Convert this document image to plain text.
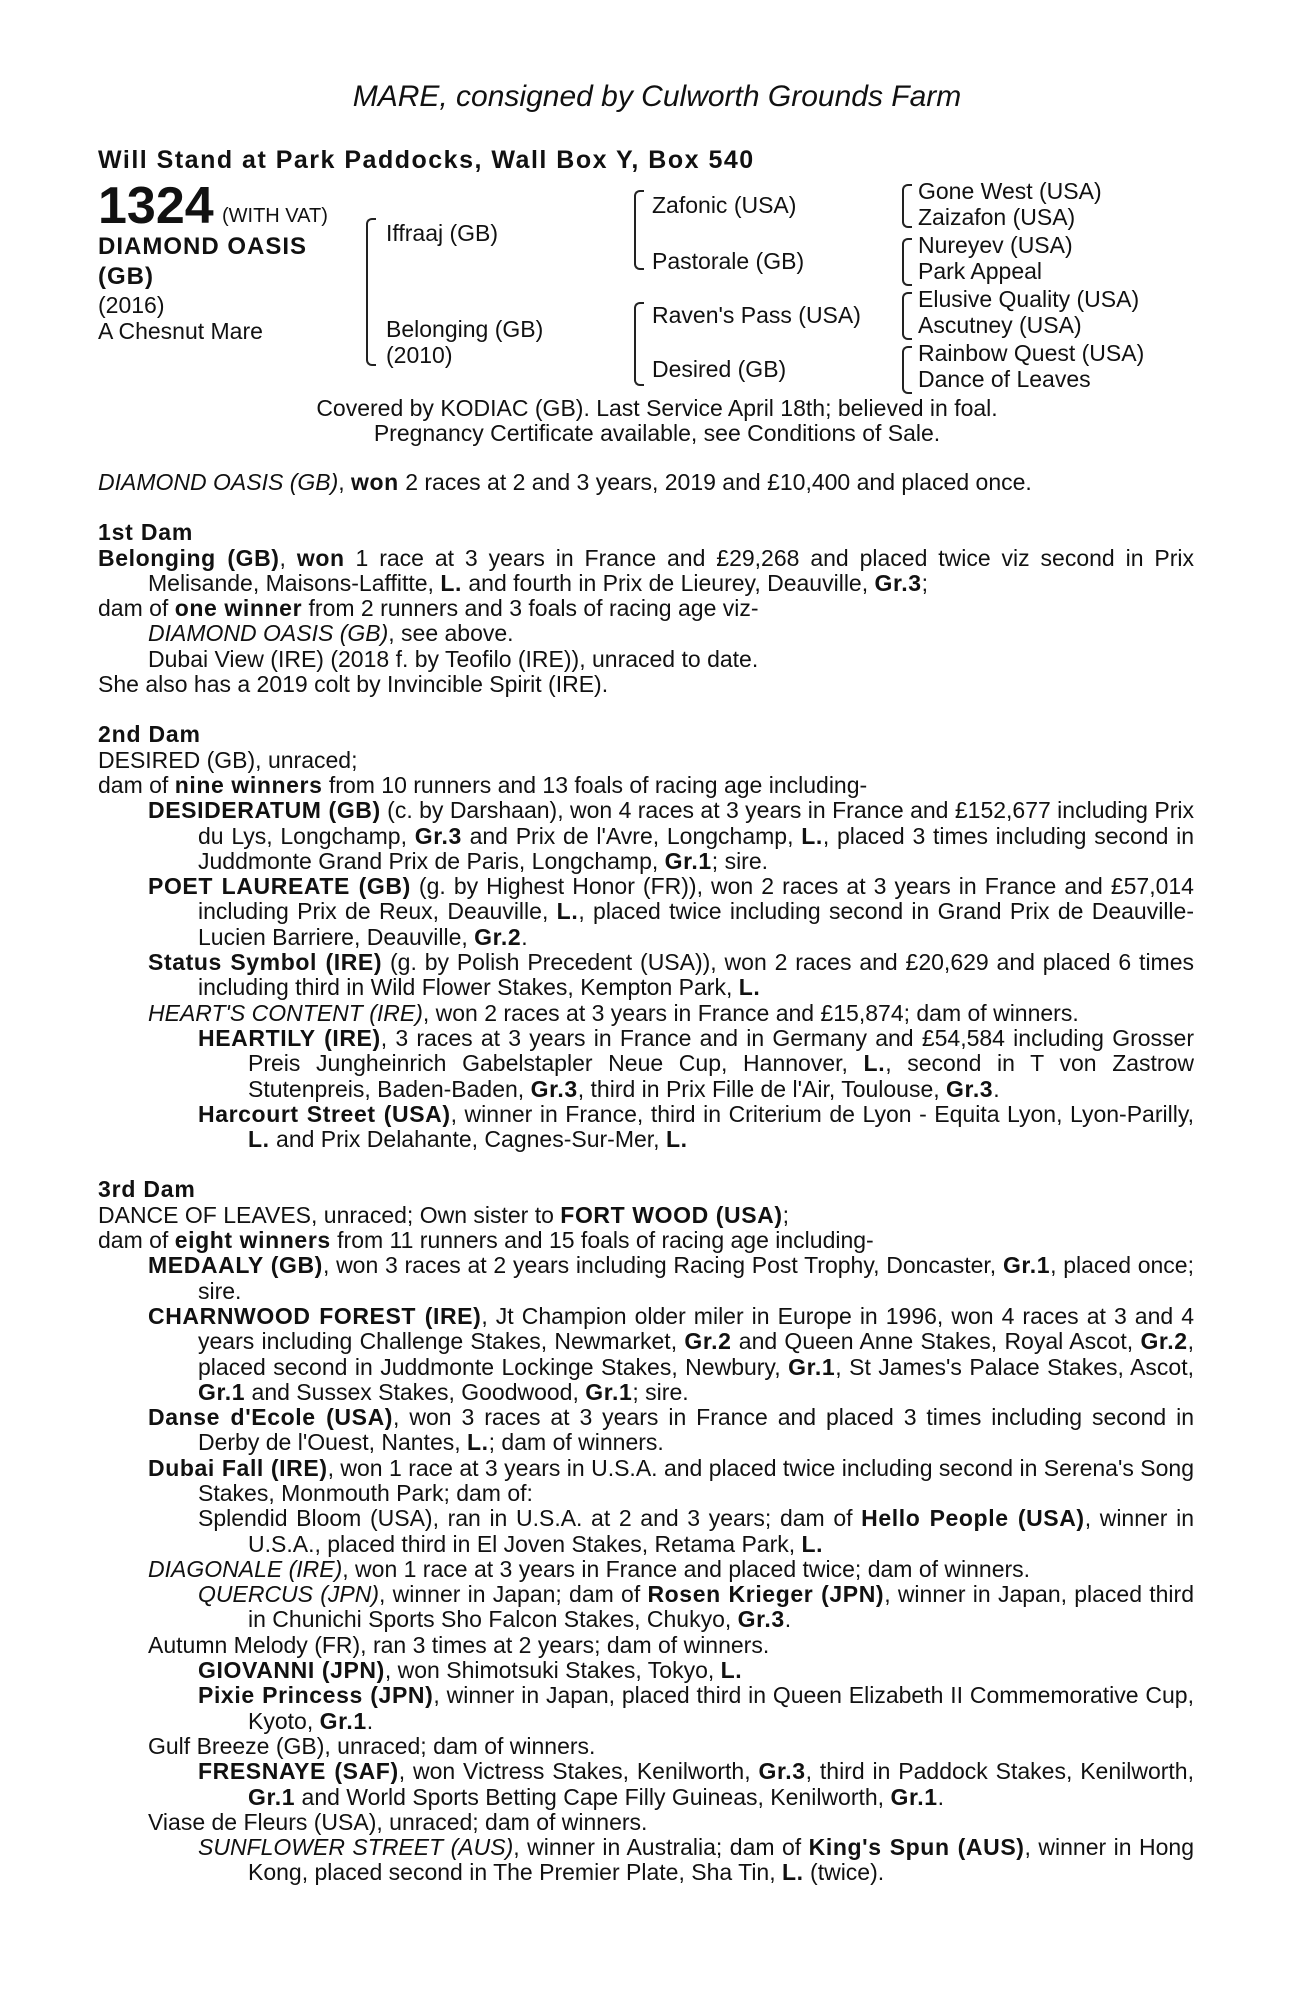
MARE, consigned by Culworth Grounds Farm
Will Stand at Park Paddocks, Wall Box Y, Box 540
1324 (WITH VAT)
DIAMOND OASIS
(GB)
(2016)
A Chesnut Mare
Iffraaj (GB)
Belonging (GB)
(2010)
Zafonic (USA)
Pastorale (GB)
Raven's Pass (USA)
Desired (GB)
Gone West (USA)
Zaizafon (USA)
Nureyev (USA)
Park Appeal
Elusive Quality (USA)
Ascutney (USA)
Rainbow Quest (USA)
Dance of Leaves
Covered by KODIAC (GB). Last Service April 18th; believed in foal.
Pregnancy Certificate available, see Conditions of Sale.

DIAMOND OASIS (GB), won 2 races at 2 and 3 years, 2019 and £10,400 and placed once.

1st Dam

Belonging (GB), won 1 race at 3 years in France and £29,268 and placed twice viz second in Prix Melisande, Maisons-Laffitte, L. and fourth in Prix de Lieurey, Deauville, Gr.3;

dam of one winner from 2 runners and 3 foals of racing age viz-

DIAMOND OASIS (GB), see above.

Dubai View (IRE) (2018 f. by Teofilo (IRE)), unraced to date.

She also has a 2019 colt by Invincible Spirit (IRE).

2nd Dam

DESIRED (GB), unraced;

dam of nine winners from 10 runners and 13 foals of racing age including-

DESIDERATUM (GB) (c. by Darshaan), won 4 races at 3 years in France and £152,677 including Prix du Lys, Longchamp, Gr.3 and Prix de l'Avre, Longchamp, L., placed 3 times including second in Juddmonte Grand Prix de Paris, Longchamp, Gr.1; sire.

POET LAUREATE (GB) (g. by Highest Honor (FR)), won 2 races at 3 years in France and £57,014 including Prix de Reux, Deauville, L., placed twice including second in Grand Prix de Deauville-Lucien Barriere, Deauville, Gr.2.

Status Symbol (IRE) (g. by Polish Precedent (USA)), won 2 races and £20,629 and placed 6 times including third in Wild Flower Stakes, Kempton Park, L.

HEART'S CONTENT (IRE), won 2 races at 3 years in France and £15,874; dam of winners.

HEARTILY (IRE), 3 races at 3 years in France and in Germany and £54,584 including Grosser Preis Jungheinrich Gabelstapler Neue Cup, Hannover, L., second in T von Zastrow Stutenpreis, Baden-Baden, Gr.3, third in Prix Fille de l'Air, Toulouse, Gr.3.

Harcourt Street (USA), winner in France, third in Criterium de Lyon - Equita Lyon, Lyon-Parilly, L. and Prix Delahante, Cagnes-Sur-Mer, L.

3rd Dam

DANCE OF LEAVES, unraced; Own sister to FORT WOOD (USA);

dam of eight winners from 11 runners and 15 foals of racing age including-

MEDAALY (GB), won 3 races at 2 years including Racing Post Trophy, Doncaster, Gr.1, placed once; sire.

CHARNWOOD FOREST (IRE), Jt Champion older miler in Europe in 1996, won 4 races at 3 and 4 years including Challenge Stakes, Newmarket, Gr.2 and Queen Anne Stakes, Royal Ascot, Gr.2, placed second in Juddmonte Lockinge Stakes, Newbury, Gr.1, St James's Palace Stakes, Ascot, Gr.1 and Sussex Stakes, Goodwood, Gr.1; sire.

Danse d'Ecole (USA), won 3 races at 3 years in France and placed 3 times including second in Derby de l'Ouest, Nantes, L.; dam of winners.

Dubai Fall (IRE), won 1 race at 3 years in U.S.A. and placed twice including second in Serena's Song Stakes, Monmouth Park; dam of:

Splendid Bloom (USA), ran in U.S.A. at 2 and 3 years; dam of Hello People (USA), winner in U.S.A., placed third in El Joven Stakes, Retama Park, L.

DIAGONALE (IRE), won 1 race at 3 years in France and placed twice; dam of winners.

QUERCUS (JPN), winner in Japan; dam of Rosen Krieger (JPN), winner in Japan, placed third in Chunichi Sports Sho Falcon Stakes, Chukyo, Gr.3.

Autumn Melody (FR), ran 3 times at 2 years; dam of winners.

GIOVANNI (JPN), won Shimotsuki Stakes, Tokyo, L.

Pixie Princess (JPN), winner in Japan, placed third in Queen Elizabeth II Commemorative Cup, Kyoto, Gr.1.

Gulf Breeze (GB), unraced; dam of winners.

FRESNAYE (SAF), won Victress Stakes, Kenilworth, Gr.3, third in Paddock Stakes, Kenilworth, Gr.1 and World Sports Betting Cape Filly Guineas, Kenilworth, Gr.1.

Viase de Fleurs (USA), unraced; dam of winners.

SUNFLOWER STREET (AUS), winner in Australia; dam of King's Spun (AUS), winner in Hong Kong, placed second in The Premier Plate, Sha Tin, L. (twice).
